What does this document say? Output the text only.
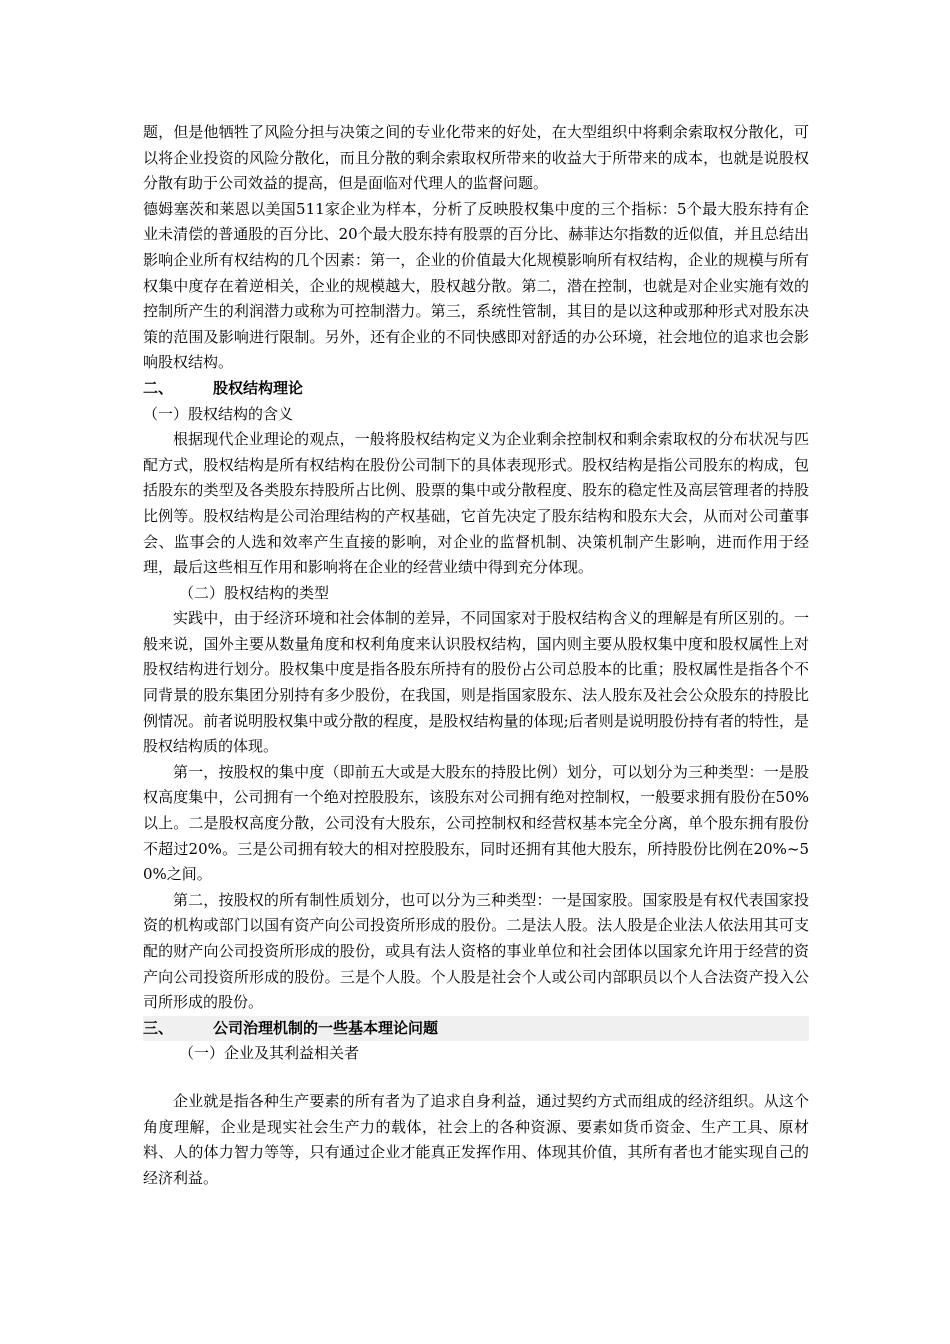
题，但是他牺牲了风险分担与决策之间的专业化带来的好处，在大型组织中将剩余索取权分散化，可以将企业投资的风险分散化，而且分散的剩余索取权所带来的收益大于所带来的成本，也就是说股权分散有助于公司效益的提高，但是面临对代理人的监督问题。

德姆塞茨和莱恩以美国511家企业为样本，分析了反映股权集中度的三个指标：5个最大股东持有企业未清偿的普通股的百分比、20个最大股东持有股票的百分比、赫菲达尔指数的近似值，并且总结出影响企业所有权结构的几个因素：第一，企业的价值最大化规模影响所有权结构，企业的规模与所有权集中度存在着逆相关，企业的规模越大，股权越分散。第二，潜在控制，也就是对企业实施有效的控制所产生的利润潜力或称为可控制潜力。第三，系统性管制，其目的是以这种或那种形式对股东决策的范围及影响进行限制。另外，还有企业的不同快感即对舒适的办公环境，社会地位的追求也会影响股权结构。

二、	股权结构理论
（一）股权结构的含义

根据现代企业理论的观点，一般将股权结构定义为企业剩余控制权和剩余索取权的分布状况与匹配方式，股权结构是所有权结构在股份公司制下的具体表现形式。股权结构是指公司股东的构成，包括股东的类型及各类股东持股所占比例、股票的集中或分散程度、股东的稳定性及高层管理者的持股比例等。股权结构是公司治理结构的产权基础，它首先决定了股东结构和股东大会，从而对公司董事会、监事会的人选和效率产生直接的影响，对企业的监督机制、决策机制产生影响，进而作用于经理，最后这些相互作用和影响将在企业的经营业绩中得到充分体现。

（二）股权结构的类型

实践中，由于经济环境和社会体制的差异，不同国家对于股权结构含义的理解是有所区别的。一般来说，国外主要从数量角度和权利角度来认识股权结构，国内则主要从股权集中度和股权属性上对股权结构进行划分。股权集中度是指各股东所持有的股份占公司总股本的比重；股权属性是指各个不同背景的股东集团分别持有多少股份，在我国，则是指国家股东、法人股东及社会公众股东的持股比例情况。前者说明股权集中或分散的程度，是股权结构量的体现;后者则是说明股份持有者的特性，是股权结构质的体现。

第一，按股权的集中度（即前五大或是大股东的持股比例）划分，可以划分为三种类型：一是股权高度集中，公司拥有一个绝对控股股东，该股东对公司拥有绝对控制权，一般要求拥有股份在50%以上。二是股权高度分散，公司没有大股东，公司控制权和经营权基本完全分离，单个股东拥有股份不超过20%。三是公司拥有较大的相对控股股东，同时还拥有其他大股东，所持股份比例在20%~50%之间。

第二，按股权的所有制性质划分，也可以分为三种类型：一是国家股。国家股是有权代表国家投资的机构或部门以国有资产向公司投资所形成的股份。二是法人股。法人股是企业法人依法用其可支配的财产向公司投资所形成的股份，或具有法人资格的事业单位和社会团体以国家允许用于经营的资产向公司投资所形成的股份。三是个人股。个人股是社会个人或公司内部职员以个人合法资产投入公司所形成的股份。

三、	公司治理机制的一些基本理论问题
（一）企业及其利益相关者

企业就是指各种生产要素的所有者为了追求自身利益，通过契约方式而组成的经济组织。从这个角度理解，企业是现实社会生产力的载体，社会上的各种资源、要素如货币资金、生产工具、原材料、人的体力智力等等，只有通过企业才能真正发挥作用、体现其价值，其所有者也才能实现自己的经济利益。
